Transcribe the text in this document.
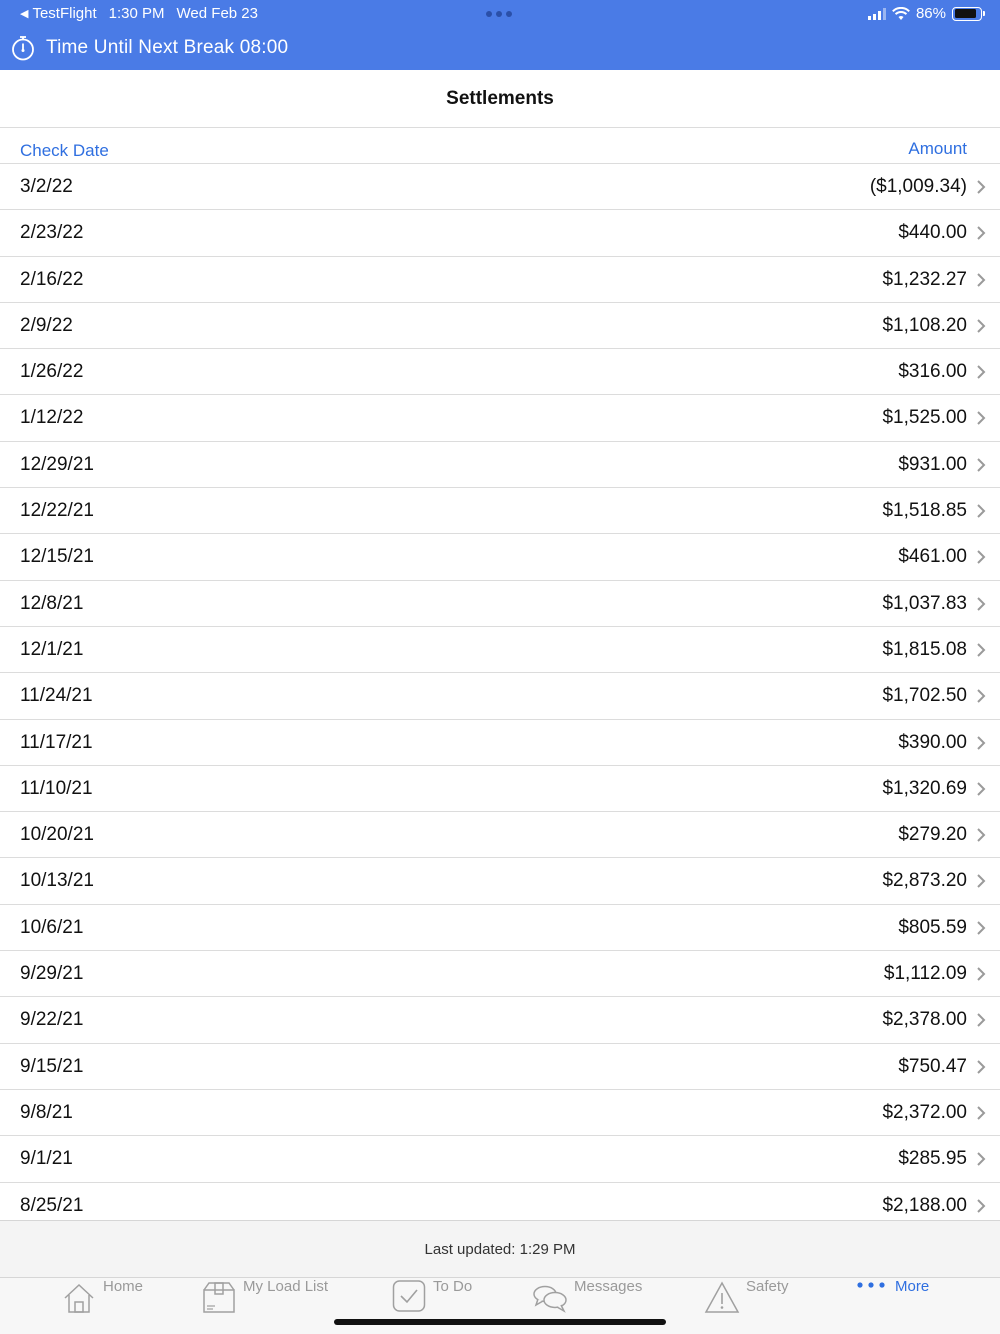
◀ TestFlight 1:30 PM Wed Feb 23	86%
Time Until Next Break 08:00
Settlements
Check Date	Amount
3/2/22	($1,009.34)
2/23/22	$440.00
2/16/22	$1,232.27
2/9/22	$1,108.20
1/26/22	$316.00
1/12/22	$1,525.00
12/29/21	$931.00
12/22/21	$1,518.85
12/15/21	$461.00
12/8/21	$1,037.83
12/1/21	$1,815.08
11/24/21	$1,702.50
11/17/21	$390.00
11/10/21	$1,320.69
10/20/21	$279.20
10/13/21	$2,873.20
10/6/21	$805.59
9/29/21	$1,112.09
9/22/21	$2,378.00
9/15/21	$750.47
9/8/21	$2,372.00
9/1/21	$285.95
8/25/21	$2,188.00
Last updated: 1:29 PM
Home	My Load List	To Do	Messages	Safety	More
